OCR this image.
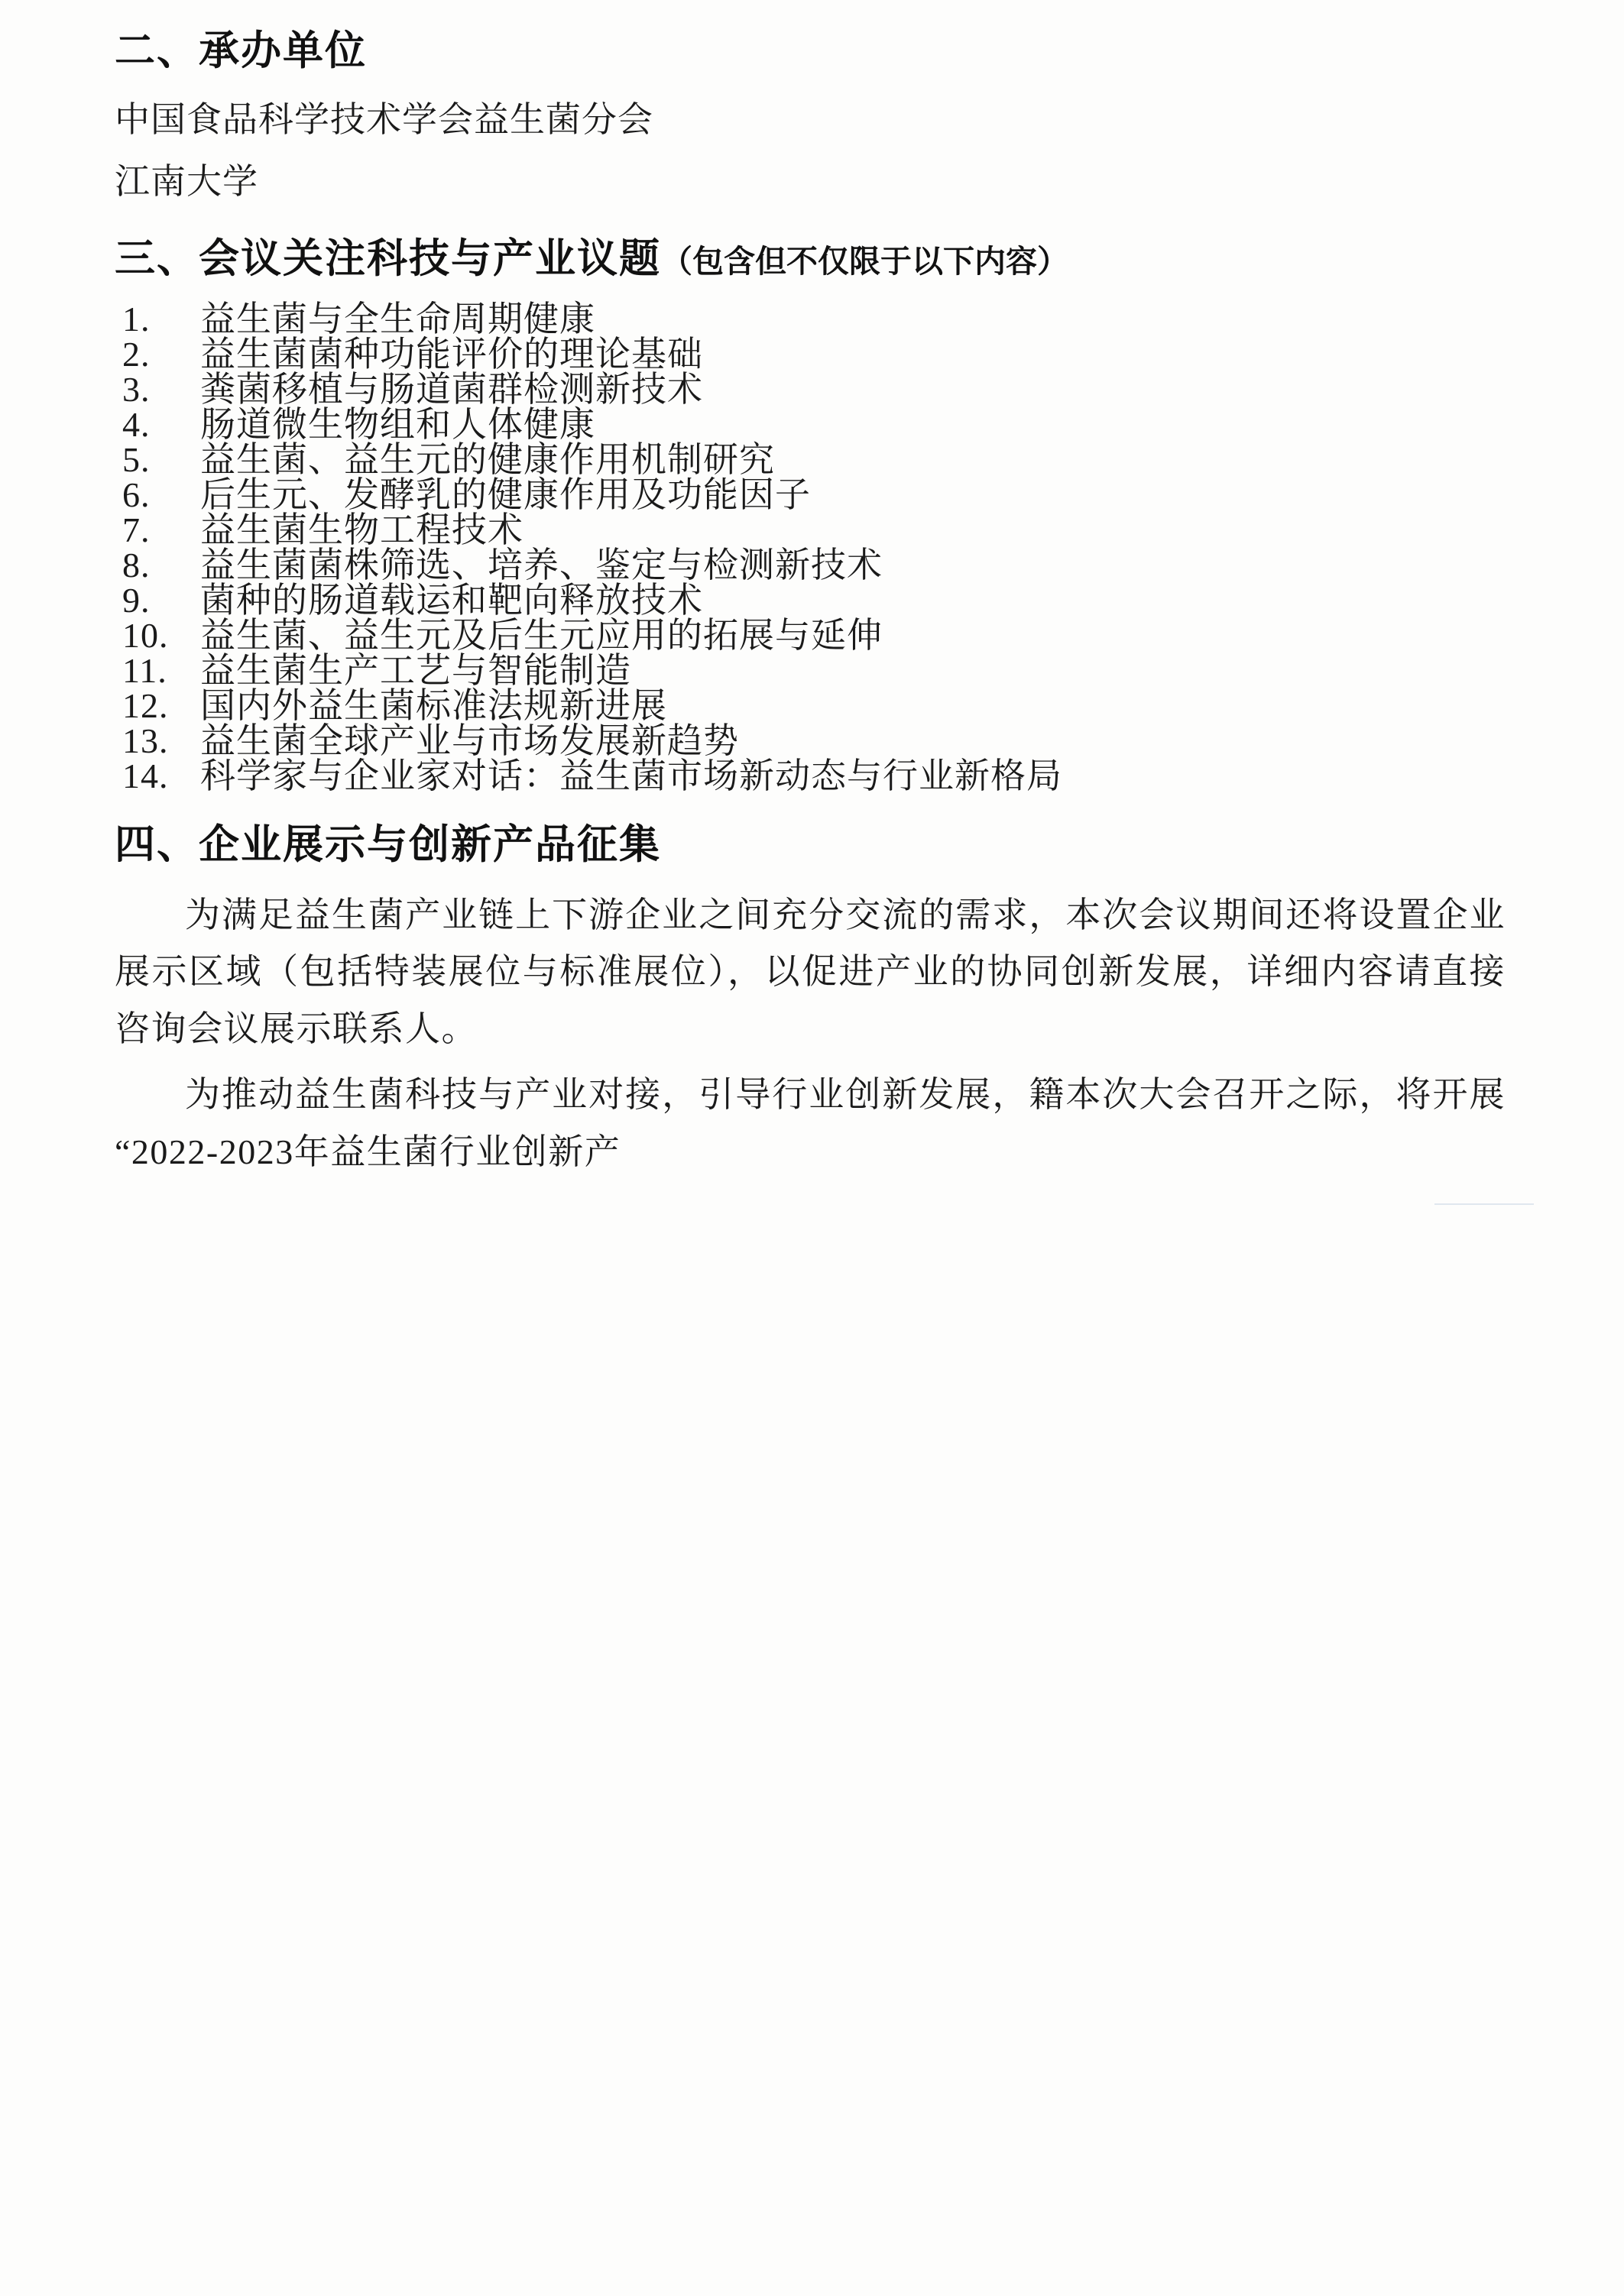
二、承办单位
中国食品科学技术学会益生菌分会
江南大学
三、会议关注科技与产业议题（包含但不仅限于以下内容）
1.	益生菌与全生命周期健康
2.	益生菌菌种功能评价的理论基础
3.	粪菌移植与肠道菌群检测新技术
4.	肠道微生物组和人体健康
5.	益生菌、益生元的健康作用机制研究
6.	后生元、发酵乳的健康作用及功能因子
7.	益生菌生物工程技术
8.	益生菌菌株筛选、培养、鉴定与检测新技术
9.	菌种的肠道载运和靶向释放技术
10. 益生菌、益生元及后生元应用的拓展与延伸
11. 益生菌生产工艺与智能制造
12. 国内外益生菌标准法规新进展
13. 益生菌全球产业与市场发展新趋势
14. 科学家与企业家对话：益生菌市场新动态与行业新格局
四、企业展示与创新产品征集

为满足益生菌产业链上下游企业之间充分交流的需求，本次会议期间还将设置企业展示区域（包括特装展位与标准展位），以促进产业的协同创新发展，详细内容请直接咨询会议展示联系人。

为推动益生菌科技与产业对接，引导行业创新发展，籍本次大会召开之际，将开展“2022-2023年益生菌行业创新产
